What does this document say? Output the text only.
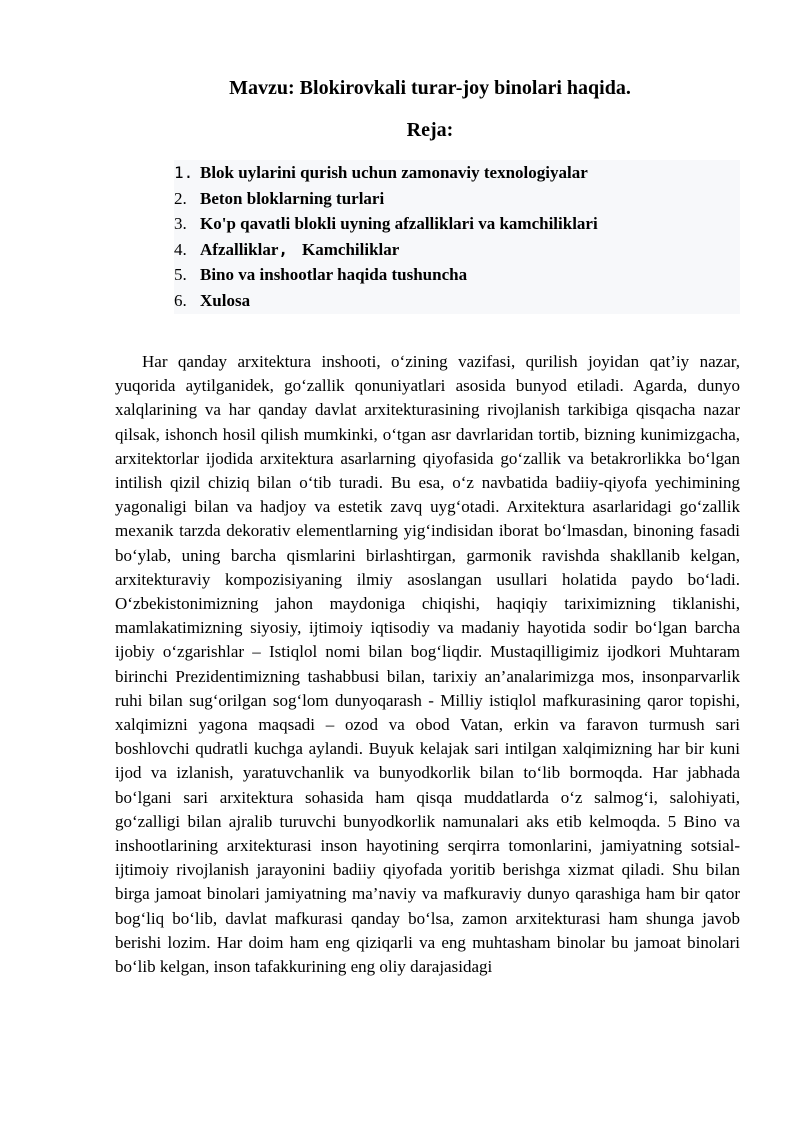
Mavzu: Blokirovkali turar-joy binolari haqida.
Reja:
1. Blok uylarini qurish uchun zamonaviy texnologiyalar
2. Beton bloklarning turlari
3. Ko'p qavatli blokli uyning afzalliklari va kamchiliklari
4. Afzalliklar, Kamchiliklar
5. Bino va inshootlar haqida tushuncha
6. Xulosa

Har qanday arxitektura inshooti, o‘zining vazifasi, qurilish joyidan qat’iy nazar, yuqorida aytilganidek, go‘zallik qonuniyatlari asosida bunyod etiladi. Agarda, dunyo xalqlarining va har qanday davlat arxitekturasining rivojlanish tarkibiga qisqacha nazar qilsak, ishonch hosil qilish mumkinki, o‘tgan asr davrlaridan tortib, bizning kunimizgacha, arxitektorlar ijodida arxitektura asarlarning qiyofasida go‘zallik va betakrorlikka bo‘lgan intilish qizil chiziq bilan o‘tib turadi. Bu esa, o‘z navbatida badiiy-qiyofa yechimining yagonaligi bilan va hadjoy va estetik zavq uyg‘otadi. Arxitektura asarlaridagi go‘zallik mexanik tarzda dekorativ elementlarning yig‘indisidan iborat bo‘lmasdan, binoning fasadi bo‘ylab, uning barcha qismlarini birlashtirgan, garmonik ravishda shakllanib kelgan, arxitekturaviy kompozisiyaning ilmiy asoslangan usullari holatida paydo bo‘ladi. O‘zbekistonimizning jahon maydoniga chiqishi, haqiqiy tariximizning tiklanishi, mamlakatimizning siyosiy, ijtimoiy iqtisodiy va madaniy hayotida sodir bo‘lgan barcha ijobiy o‘zgarishlar – Istiqlol nomi bilan bog‘liqdir. Mustaqilligimiz ijodkori Muhtaram birinchi Prezidentimizning tashabbusi bilan, tarixiy an’analarimizga mos, insonparvarlik ruhi bilan sug‘orilgan sog‘lom dunyoqarash - Milliy istiqlol mafkurasining qaror topishi, xalqimizni yagona maqsadi – ozod va obod Vatan, erkin va faravon turmush sari boshlovchi qudratli kuchga aylandi. Buyuk kelajak sari intilgan xalqimizning har bir kuni ijod va izlanish, yaratuvchanlik va bunyodkorlik bilan to‘lib bormoqda. Har jabhada bo‘lgani sari arxitektura sohasida ham qisqa muddatlarda o‘z salmog‘i, salohiyati, go‘zalligi bilan ajralib turuvchi bunyodkorlik namunalari aks etib kelmoqda. 5 Bino va inshootlarining arxitekturasi inson hayotining serqirra tomonlarini, jamiyatning sotsial-ijtimoiy rivojlanish jarayonini badiiy qiyofada yoritib berishga xizmat qiladi. Shu bilan birga jamoat binolari jamiyatning ma’naviy va mafkuraviy dunyo qarashiga ham bir qator bog‘liq bo‘lib, davlat mafkurasi qanday bo‘lsa, zamon arxitekturasi ham shunga javob berishi lozim. Har doim ham eng qiziqarli va eng muhtasham binolar bu jamoat binolari bo‘lib kelgan, inson tafakkurining eng oliy darajasidagi
